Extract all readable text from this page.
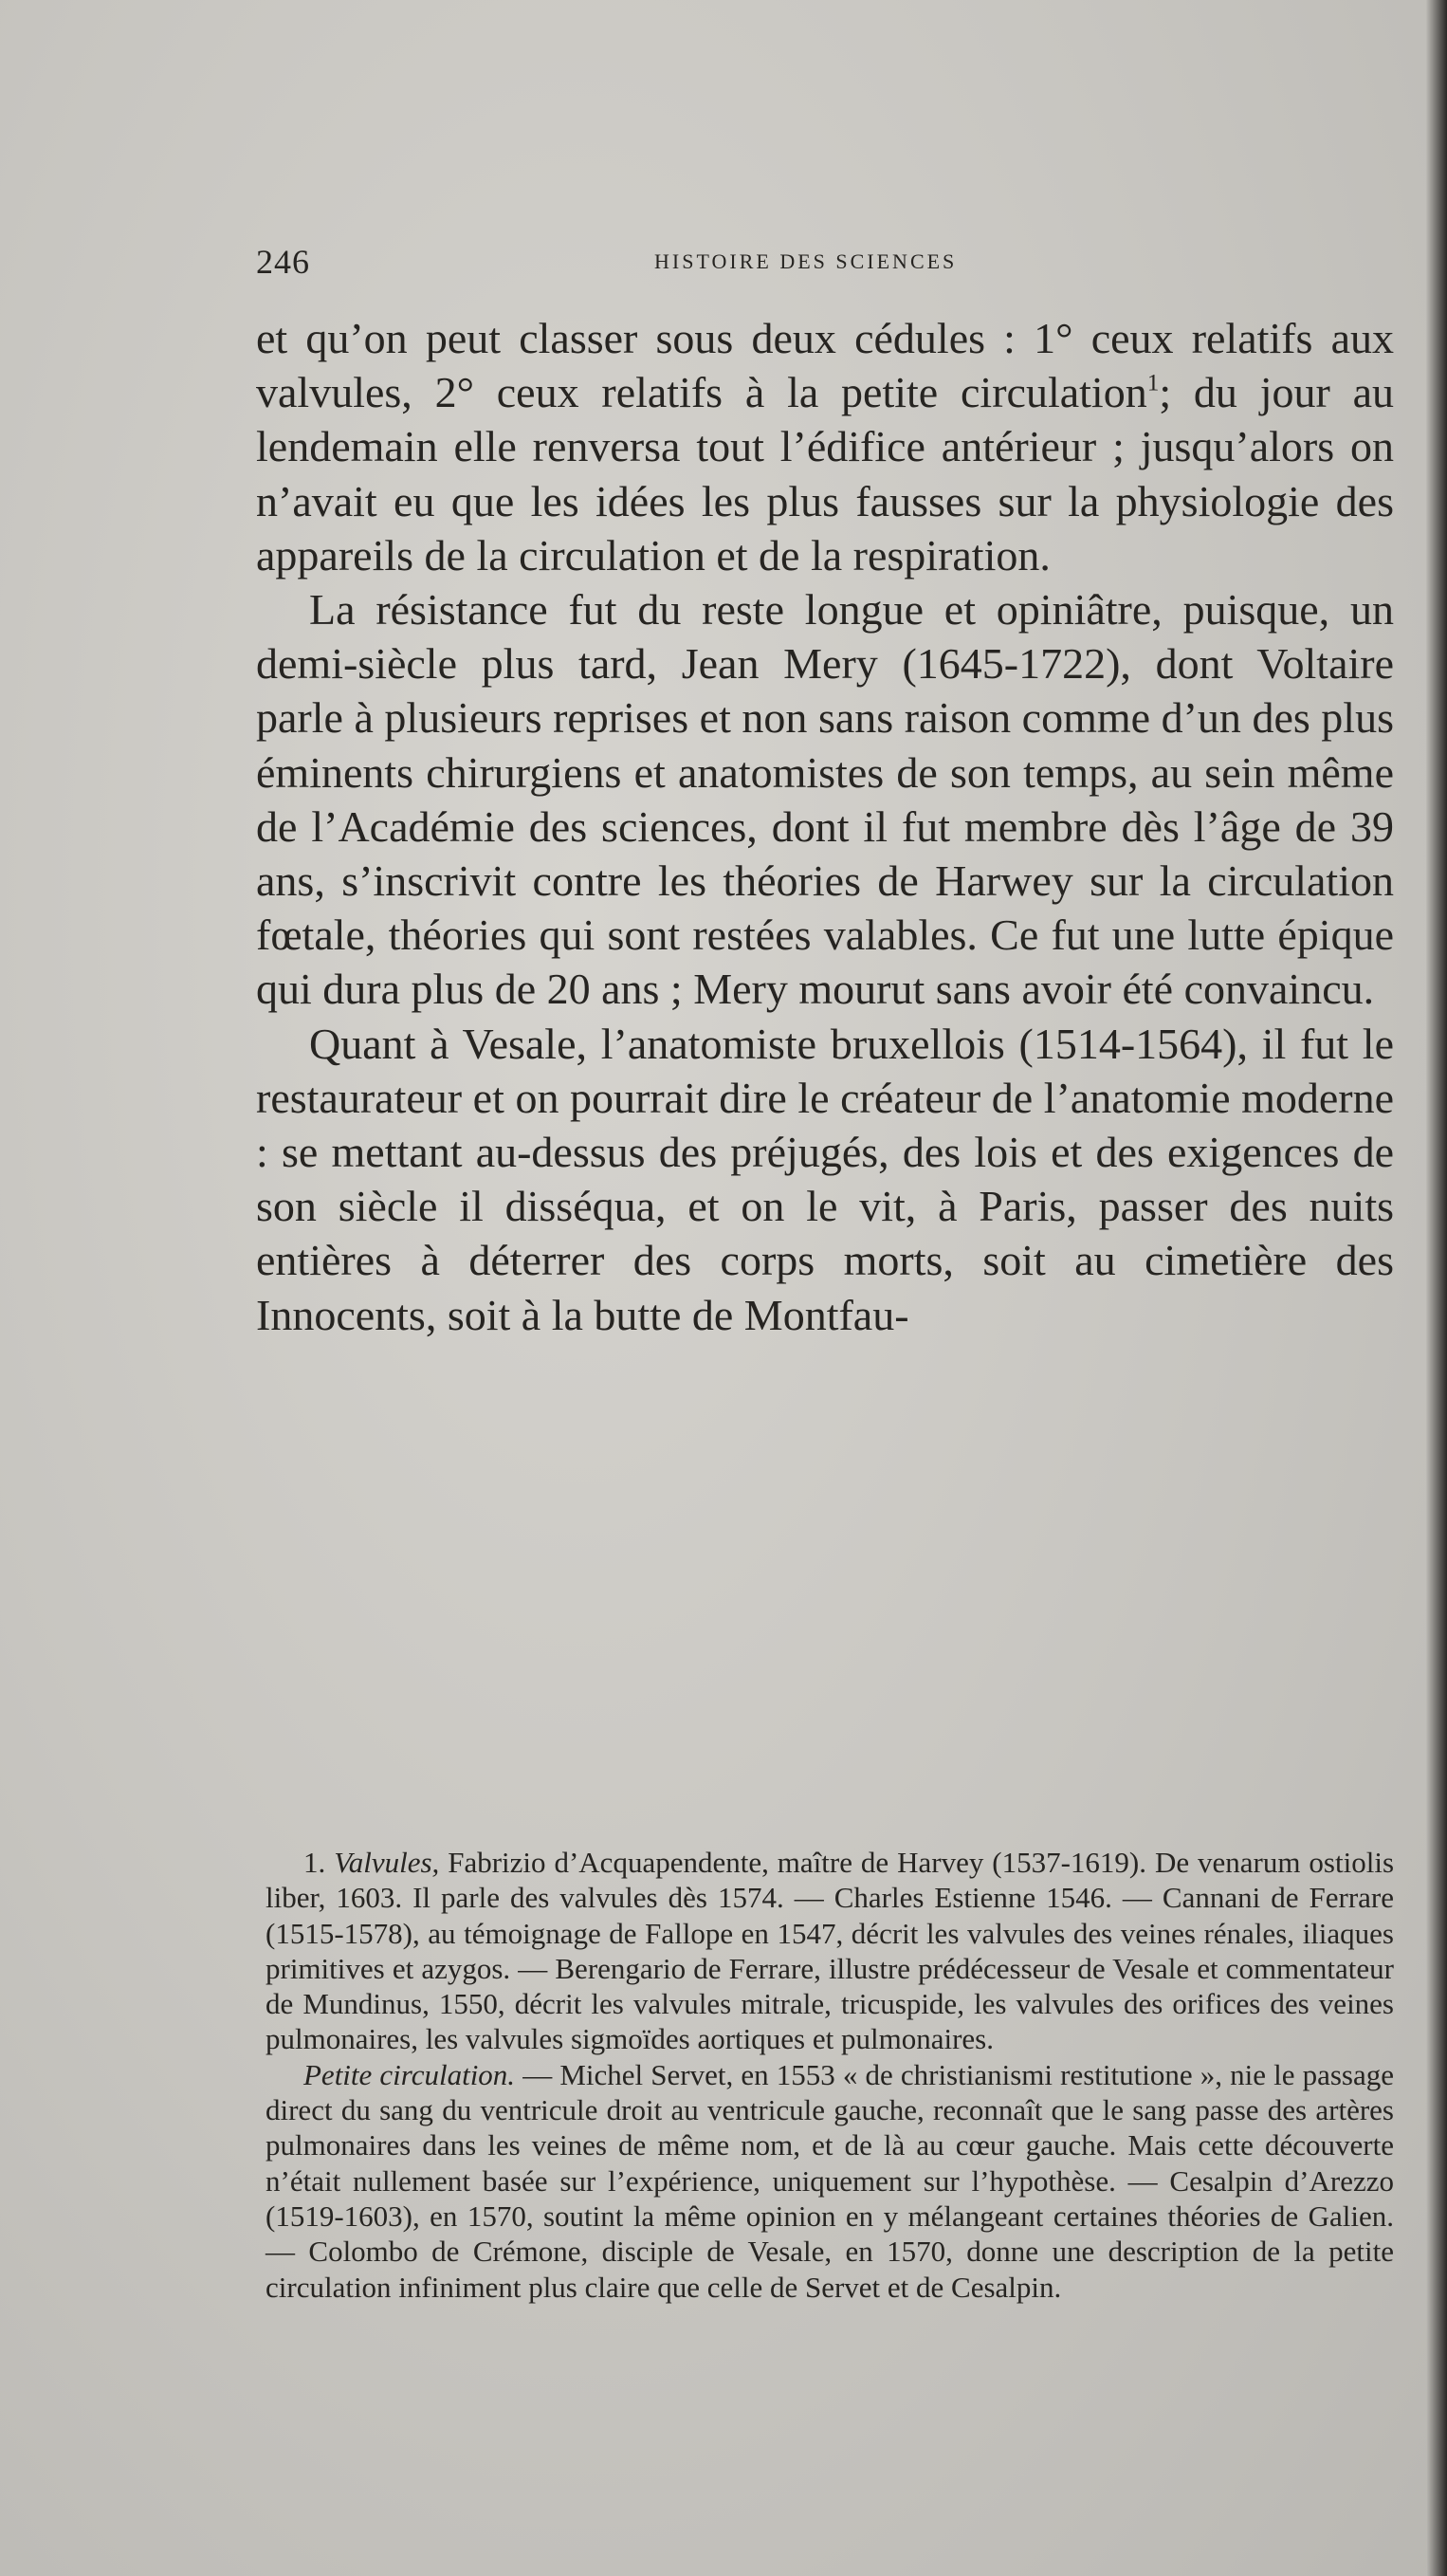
246	HISTOIRE DES SCIENCES

et qu’on peut classer sous deux cédules : 1° ceux relatifs aux valvules, 2° ceux relatifs à la petite circulation$^1$; du jour au lendemain elle renversa tout l’édifice antérieur ; jusqu’alors on n’avait eu que les idées les plus fausses sur la physiologie des appareils de la circulation et de la respiration.

La résistance fut du reste longue et opiniâtre, puisque, un demi-siècle plus tard, Jean Mery (1645-1722), dont Voltaire parle à plusieurs reprises et non sans raison comme d’un des plus éminents chirurgiens et anatomistes de son temps, au sein même de l’Académie des sciences, dont il fut membre dès l’âge de 39 ans, s’inscrivit contre les théories de Harwey sur la circulation fœtale, théories qui sont restées valables. Ce fut une lutte épique qui dura plus de 20 ans ; Mery mourut sans avoir été convaincu.

Quant à Vesale, l’anatomiste bruxellois (1514-1564), il fut le restaurateur et on pourrait dire le créateur de l’anatomie moderne : se mettant au-dessus des préjugés, des lois et des exigences de son siècle il disséqua, et on le vit, à Paris, passer des nuits entières à déterrer des corps morts, soit au cimetière des Innocents, soit à la butte de Montfau-

1. Valvules, Fabrizio d’Acquapendente, maître de Harvey (1537-1619). De venarum ostiolis liber, 1603. Il parle des valvules dès 1574. — Charles Estienne 1546. — Cannani de Ferrare (1515-1578), au témoignage de Fallope en 1547, décrit les valvules des veines rénales, iliaques primitives et azygos. — Berengario de Ferrare, illustre prédécesseur de Vesale et commentateur de Mundinus, 1550, décrit les valvules mitrale, tricuspide, les valvules des orifices des veines pulmonaires, les valvules sigmoïdes aortiques et pulmonaires.

Petite circulation. — Michel Servet, en 1553 « de christianismi restitutione », nie le passage direct du sang du ventricule droit au ventricule gauche, reconnaît que le sang passe des artères pulmonaires dans les veines de même nom, et de là au cœur gauche. Mais cette découverte n’était nullement basée sur l’expérience, uniquement sur l’hypothèse. — Cesalpin d’Arezzo (1519-1603), en 1570, soutint la même opinion en y mélangeant certaines théories de Galien. — Colombo de Crémone, disciple de Vesale, en 1570, donne une description de la petite circulation infiniment plus claire que celle de Servet et de Cesalpin.
